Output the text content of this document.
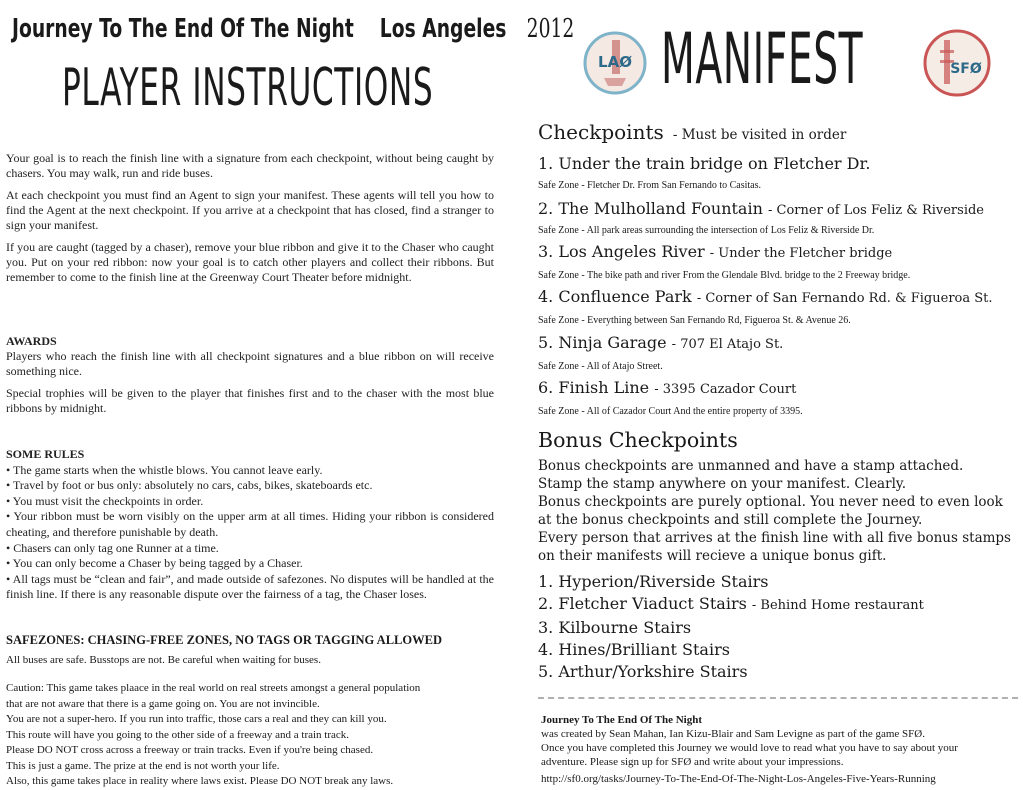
Journey To The End Of The Night Los Angeles 2012
PLAYER INSTRUCTIONS

Your goal is to reach the finish line with a signature from each checkpoint, without being caught by chasers. You may walk, run and ride buses.

At each checkpoint you must find an Agent to sign your manifest. These agents will tell you how to find the Agent at the next checkpoint. If you arrive at a checkpoint that has closed, find a stranger to sign your manifest.

If you are caught (tagged by a chaser), remove your blue ribbon and give it to the Chaser who caught you. Put on your red ribbon: now your goal is to catch other players and collect their ribbons. But remember to come to the finish line at the Greenway Court Theater before midnight.

AWARDS

Players who reach the finish line with all checkpoint signatures and a blue ribbon on will receive something nice.

Special trophies will be given to the player that finishes first and to the chaser with the most blue ribbons by midnight.

SOME RULES

• The game starts when the whistle blows. You cannot leave early.
• Travel by foot or bus only: absolutely no cars, cabs, bikes, skateboards etc.
• You must visit the checkpoints in order.
• Your ribbon must be worn visibly on the upper arm at all times. Hiding your ribbon is considered cheating, and therefore punishable by death.
• Chasers can only tag one Runner at a time.
• You can only become a Chaser by being tagged by a Chaser.
• All tags must be “clean and fair”, and made outside of safezones. No disputes will be handled at the finish line. If there is any reasonable dispute over the fairness of a tag, the Chaser loses.
SAFEZONES: CHASING-FREE ZONES, NO TAGS OR TAGGING ALLOWED
All buses are safe. Busstops are not. Be careful when waiting for buses.
Caution: This game takes plaace in the real world on real streets amongst a general population
that are not aware that there is a game going on. You are not invincible.
You are not a super-hero. If you run into traffic, those cars a real and they can kill you.
This route will have you going to the other side of a freeway and a train track.
Please DO NOT cross across a freeway or train tracks. Even if you're being chased.
This is just a game. The prize at the end is not worth your life.
Also, this game takes place in reality where laws exist. Please DO NOT break any laws.
LAØ MANIFEST	SFØ
Checkpoints - Must be visited in order
1. Under the train bridge on Fletcher Dr.
Safe Zone - Fletcher Dr. From San Fernando to Casitas.
2. The Mulholland Fountain - Corner of Los Feliz & Riverside
Safe Zone - All park areas surrounding the intersection of Los Feliz & Riverside Dr.
3. Los Angeles River - Under the Fletcher bridge
Safe Zone - The bike path and river From the Glendale Blvd. bridge to the 2 Freeway bridge.
4. Confluence Park - Corner of San Fernando Rd. & Figueroa St.
Safe Zone - Everything between San Fernando Rd, Figueroa St. & Avenue 26.
5. Ninja Garage - 707 El Atajo St.
Safe Zone - All of Atajo Street.
6. Finish Line - 3395 Cazador Court
Safe Zone - All of Cazador Court And the entire property of 3395.
Bonus Checkpoints
Bonus checkpoints are unmanned and have a stamp attached.
Stamp the stamp anywhere on your manifest. Clearly.
Bonus checkpoints are purely optional. You never need to even look
at the bonus checkpoints and still complete the Journey.
Every person that arrives at the finish line with all five bonus stamps
on their manifests will recieve a unique bonus gift.
1. Hyperion/Riverside Stairs
2. Fletcher Viaduct Stairs - Behind Home restaurant
3. Kilbourne Stairs
4. Hines/Brilliant Stairs
5. Arthur/Yorkshire Stairs
Journey To The End Of The Night
was created by Sean Mahan, Ian Kizu-Blair and Sam Levigne as part of the game SFØ.
Once you have completed this Journey we would love to read what you have to say about your
adventure. Please sign up for SFØ and write about your impressions.
http://sf0.org/tasks/Journey-To-The-End-Of-The-Night-Los-Angeles-Five-Years-Running
